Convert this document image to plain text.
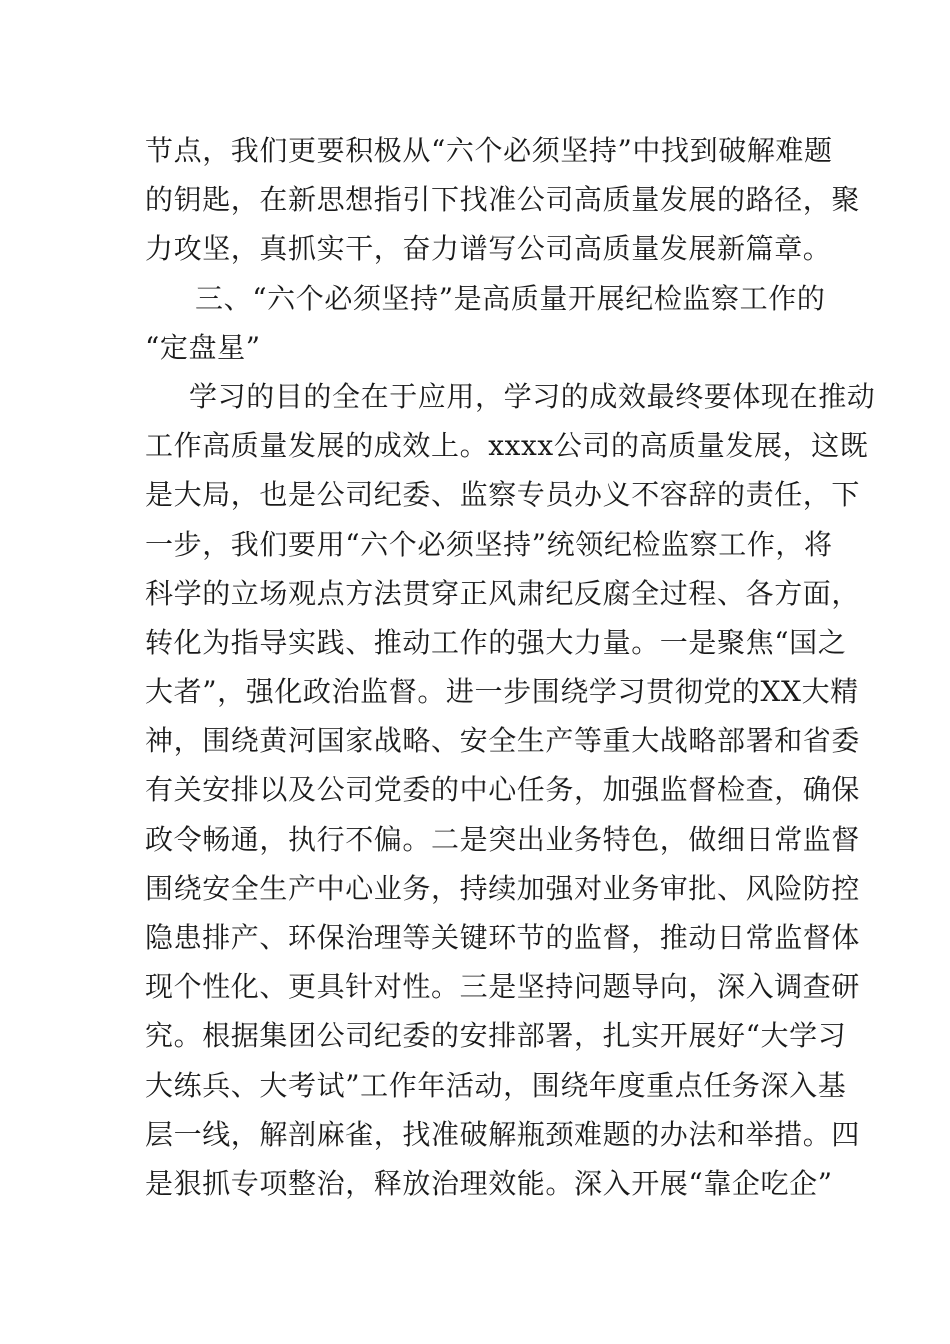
节点，我们更要积极从“六个必须坚持”中找到破解难题
的钥匙，在新思想指引下找准公司高质量发展的路径，聚
力攻坚，真抓实干，奋力谱写公司高质量发展新篇章。
三、“六个必须坚持”是高质量开展纪检监察工作的
“定盘星”
学习的目的全在于应用，学习的成效最终要体现在推动
工作高质量发展的成效上。xxxx公司的高质量发展，这既
是大局，也是公司纪委、监察专员办义不容辞的责任，下
一步，我们要用“六个必须坚持”统领纪检监察工作，将
科学的立场观点方法贯穿正风肃纪反腐全过程、各方面，
转化为指导实践、推动工作的强大力量。一是聚焦“国之
大者”，强化政治监督。进一步围绕学习贯彻党的XX大精
神，围绕黄河国家战略、安全生产等重大战略部署和省委
有关安排以及公司党委的中心任务，加强监督检查，确保
政令畅通，执行不偏。二是突出业务特色，做细日常监督
围绕安全生产中心业务，持续加强对业务审批、风险防控
隐患排产、环保治理等关键环节的监督，推动日常监督体
现个性化、更具针对性。三是坚持问题导向，深入调查研
究。根据集团公司纪委的安排部署，扎实开展好“大学习
大练兵、大考试”工作年活动，围绕年度重点任务深入基
层一线，解剖麻雀，找准破解瓶颈难题的办法和举措。四
是狠抓专项整治，释放治理效能。深入开展“靠企吃企”
